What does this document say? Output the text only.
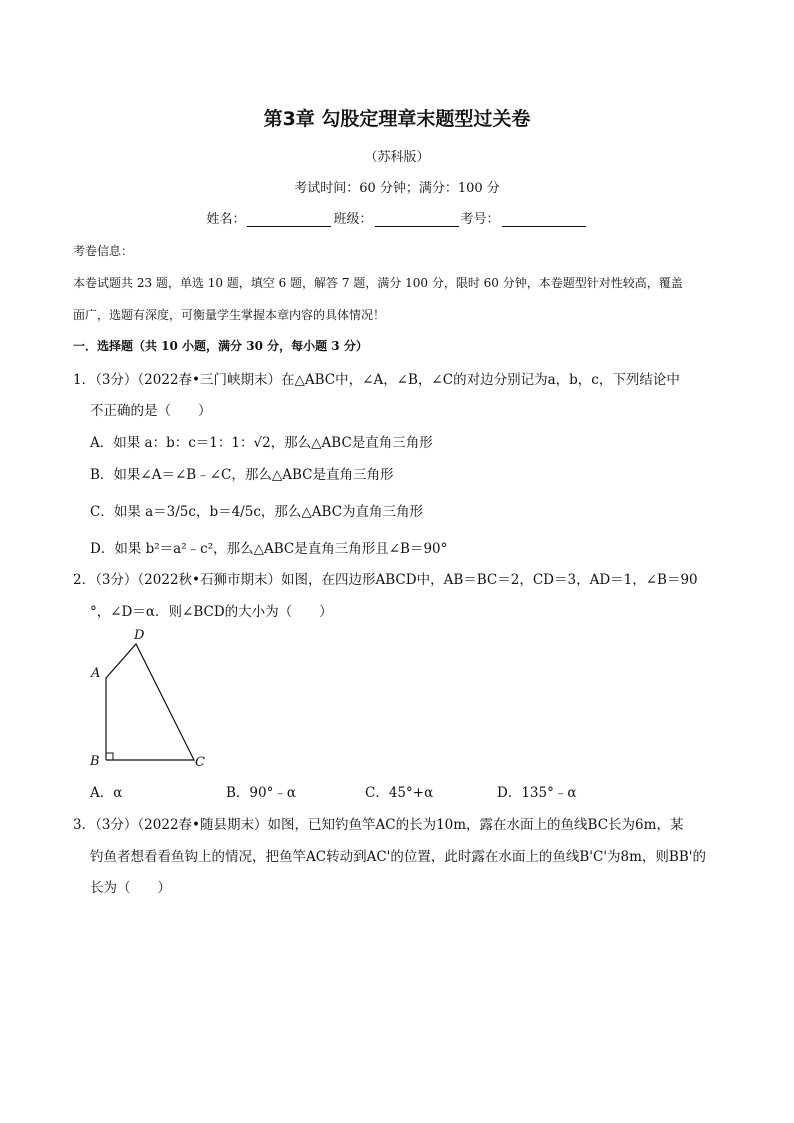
第3章 勾股定理章末题型过关卷
（苏科版）
考试时间：60 分钟；满分：100 分
姓名：	班级：	考号：
考卷信息：
本卷试题共 23 题，单选 10 题，填空 6 题，解答 7 题，满分 100 分，限时 60 分钟，本卷题型针对性较高，覆盖
面广，选题有深度，可衡量学生掌握本章内容的具体情况！
一．选择题（共 10 小题，满分 30 分，每小题 3 分）
1．（3分）（2022春•三门峡期末）在△ABC中，∠A，∠B，∠C的对边分别记为a，b，c，下列结论中
不正确的是（　　）
A．如果 a：b：c＝1：1：√2，那么△ABC是直角三角形
B．如果∠A＝∠B﹣∠C，那么△ABC是直角三角形
C．如果 a＝3/5c，b＝4/5c，那么△ABC为直角三角形
D．如果 b²＝a²﹣c²，那么△ABC是直角三角形且∠B＝90°
2．（3分）（2022秋•石狮市期末）如图，在四边形ABCD中，AB＝BC＝2，CD＝3，AD＝1，∠B＝90
°，∠D＝α．则∠BCD的大小为（　　）
A
B	C
D
A．α	B．90°﹣α	C．45°+α	D．135°﹣α
3．（3分）（2022春•随县期末）如图，已知钓鱼竿AC的长为10m，露在水面上的鱼线BC长为6m，某
钓鱼者想看看鱼钩上的情况，把鱼竿AC转动到AC'的位置，此时露在水面上的鱼线B'C'为8m，则BB'的
长为（　　）
